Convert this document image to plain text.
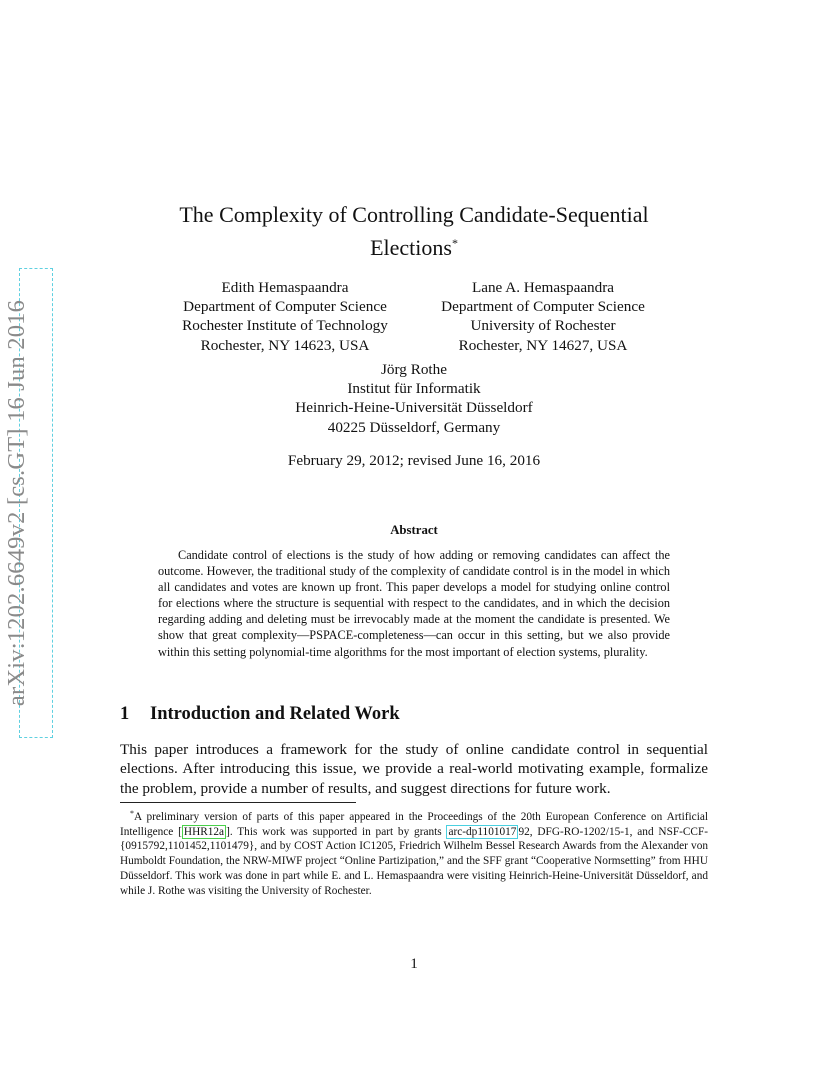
arXiv:1202.6649v2 [cs.GT] 16 Jun 2016
The Complexity of Controlling Candidate-Sequential
Elections*
Edith Hemaspaandra
Department of Computer Science
Rochester Institute of Technology
Rochester, NY 14623, USA
Lane A. Hemaspaandra
Department of Computer Science
University of Rochester
Rochester, NY 14627, USA
Jörg Rothe
Institut für Informatik
Heinrich-Heine-Universität Düsseldorf
40225 Düsseldorf, Germany
February 29, 2012; revised June 16, 2016
Abstract

Candidate control of elections is the study of how adding or removing candidates can affect the outcome. However, the traditional study of the complexity of candidate control is in the model in which all candidates and votes are known up front. This paper develops a model for studying online control for elections where the structure is sequential with respect to the candidates, and in which the decision regarding adding and deleting must be irrevocably made at the moment the candidate is presented. We show that great complexity—PSPACE-completeness—can occur in this setting, but we also provide within this setting polynomial-time algorithms for the most important of election systems, plurality.

1 Introduction and Related Work

This paper introduces a framework for the study of online candidate control in sequential elections. After introducing this issue, we provide a real-world motivating example, formalize the problem, provide a number of results, and suggest directions for future work.

*A preliminary version of parts of this paper appeared in the Proceedings of the 20th European Conference on Artificial Intelligence [ HHR12a ]. This work was supported in part by grants arc-dp1101017 92, DFG-RO-1202/15-1, and NSF-CCF-{0915792,1101452,1101479}, and by COST Action IC1205, Friedrich Wilhelm Bessel Research Awards from the Alexander von Humboldt Foundation, the NRW-MIWF project “Online Partizipation,” and the SFF grant “Cooperative Normsetting” from HHU Düsseldorf. This work was done in part while E. and L. Hemaspaandra were visiting Heinrich-Heine-Universität Düsseldorf, and while J. Rothe was visiting the University of Rochester.

1
